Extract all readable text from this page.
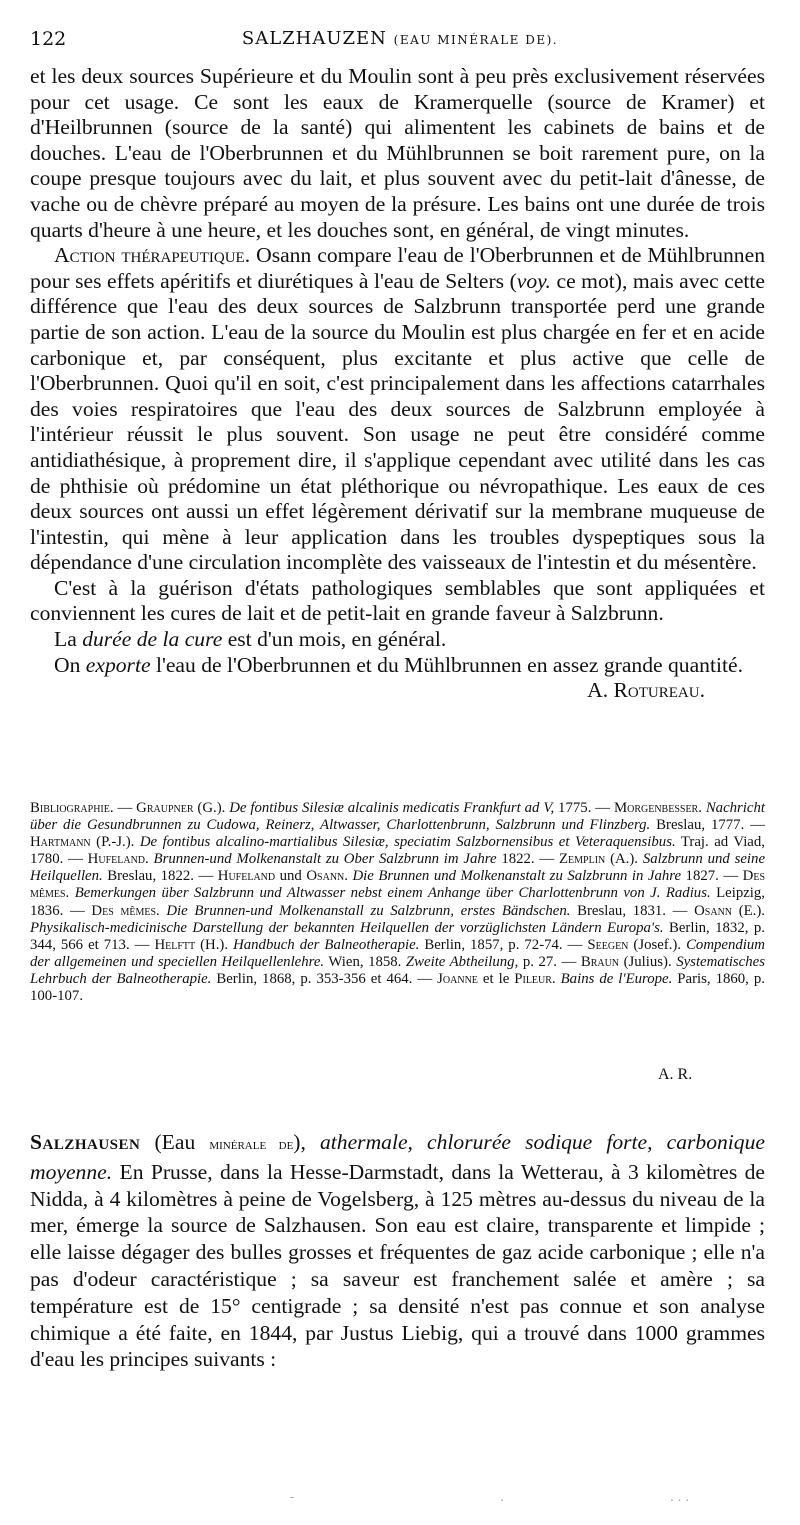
122	SALZHAUZEN (EAU MINÉRALE DE).

et les deux sources Supérieure et du Moulin sont à peu près exclusivement réservées pour cet usage. Ce sont les eaux de Kramerquelle (source de Kramer) et d'Heilbrunnen (source de la santé) qui alimentent les cabinets de bains et de douches. L'eau de l'Oberbrunnen et du Mühlbrunnen se boit rarement pure, on la coupe presque toujours avec du lait, et plus souvent avec du petit-lait d'ânesse, de vache ou de chèvre préparé au moyen de la présure. Les bains ont une durée de trois quarts d'heure à une heure, et les douches sont, en général, de vingt minutes.

Action thérapeutique. Osann compare l'eau de l'Oberbrunnen et de Mühlbrunnen pour ses effets apéritifs et diurétiques à l'eau de Selters (voy. ce mot), mais avec cette différence que l'eau des deux sources de Salzbrunn transportée perd une grande partie de son action. L'eau de la source du Moulin est plus chargée en fer et en acide carbonique et, par conséquent, plus excitante et plus active que celle de l'Oberbrunnen. Quoi qu'il en soit, c'est principalement dans les affections catarrhales des voies respiratoires que l'eau des deux sources de Salzbrunn employée à l'intérieur réussit le plus souvent. Son usage ne peut être considéré comme antidiathésique, à proprement dire, il s'applique cependant avec utilité dans les cas de phthisie où prédomine un état pléthorique ou névropathique. Les eaux de ces deux sources ont aussi un effet légèrement dérivatif sur la membrane muqueuse de l'intestin, qui mène à leur application dans les troubles dyspeptiques sous la dépendance d'une circulation incomplète des vaisseaux de l'intestin et du mésentère.

C'est à la guérison d'états pathologiques semblables que sont appliquées et conviennent les cures de lait et de petit-lait en grande faveur à Salzbrunn.

La durée de la cure est d'un mois, en général.

On exporte l'eau de l'Oberbrunnen et du Mühlbrunnen en assez grande quantité.
A. Rotureau.

Bibliographie. — Graupner (G.). De fontibus Silesiæ alcalinis medicatis Frankfurt ad V, 1775. — Morgenbesser. Nachricht über die Gesundbrunnen zu Cudowa, Reinerz, Altwasser, Charlottenbrunn, Salzbrunn und Flinzberg. Breslau, 1777. — Hartmann (P.-J.). De fontibus alcalino-martialibus Silesiæ, speciatim Salzbornensibus et Veteraquensibus. Traj. ad Viad, 1780. — Hufeland. Brunnen-und Molkenanstalt zu Ober Salzbrunn im Jahre 1822. — Zemplin (A.). Salzbrunn und seine Heilquellen. Breslau, 1822. — Hufeland und Osann. Die Brunnen und Molkenanstalt zu Salzbrunn in Jahre 1827. — Des mêmes. Bemerkungen über Salzbrunn und Altwasser nebst einem Anhange über Charlottenbrunn von J. Radius. Leipzig, 1836. — Des mêmes. Die Brunnen-und Molkenanstall zu Salzbrunn, erstes Bändschen. Breslau, 1831. — Osann (E.). Physikalisch-medicinische Darstellung der bekannten Heilquellen der vorzüglichsten Ländern Europa's. Berlin, 1832, p. 344, 566 et 713. — Helftt (H.). Handbuch der Balneotherapie. Berlin, 1857, p. 72-74. — Seegen (Josef.). Compendium der allgemeinen und speciellen Heilquellenlehre. Wien, 1858. Zweite Abtheilung, p. 27. — Braun (Julius). Systematisches Lehrbuch der Balneotherapie. Berlin, 1868, p. 353-356 et 464. — Joanne et le Pileur. Bains de l'Europe. Paris, 1860, p. 100-107.
A. R.
Salzhausen (Eau minérale de), athermale, chlorurée sodique forte, carbonique moyenne. En Prusse, dans la Hesse-Darmstadt, dans la Wetterau, à 3 kilomètres de Nidda, à 4 kilomètres à peine de Vogelsberg, à 125 mètres au-dessus du niveau de la mer, émerge la source de Salzhausen. Son eau est claire, transparente et limpide ; elle laisse dégager des bulles grosses et fréquentes de gaz acide carbonique ; elle n'a pas d'odeur caractéristique ; sa saveur est franchement salée et amère ; sa température est de 15° centigrade ; sa densité n'est pas connue et son analyse chimique a été faite, en 1844, par Justus Liebig, qui a trouvé dans 1000 grammes d'eau les principes suivants :
-	.	. . .
